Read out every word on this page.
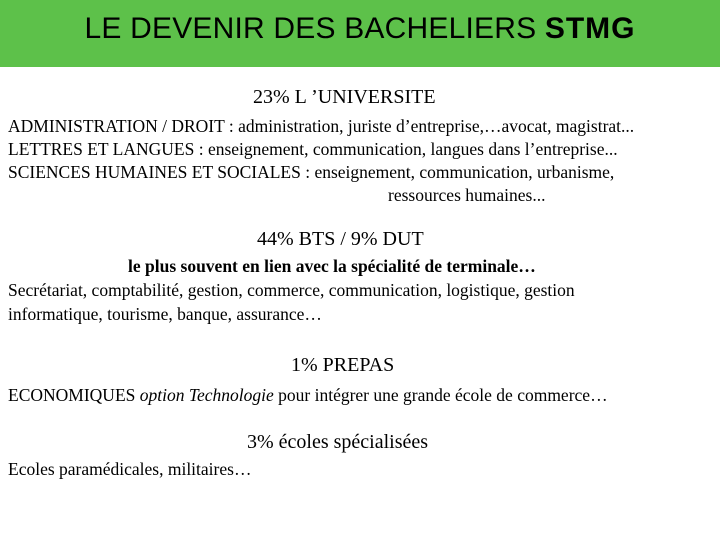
LE DEVENIR DES BACHELIERS STMG
23% L ’UNIVERSITE
ADMINISTRATION / DROIT : administration, juriste d’entreprise,…avocat, magistrat...
LETTRES ET LANGUES : enseignement, communication, langues dans l’entreprise...
SCIENCES HUMAINES ET SOCIALES : enseignement, communication, urbanisme,
ressources humaines...
44% BTS / 9% DUT
le plus souvent en lien avec la spécialité de terminale…
Secrétariat, comptabilité, gestion, commerce, communication, logistique, gestion
informatique, tourisme, banque, assurance…
1% PREPAS
ECONOMIQUES option Technologie pour intégrer une grande école de commerce…
3% écoles spécialisées
Ecoles paramédicales, militaires…
